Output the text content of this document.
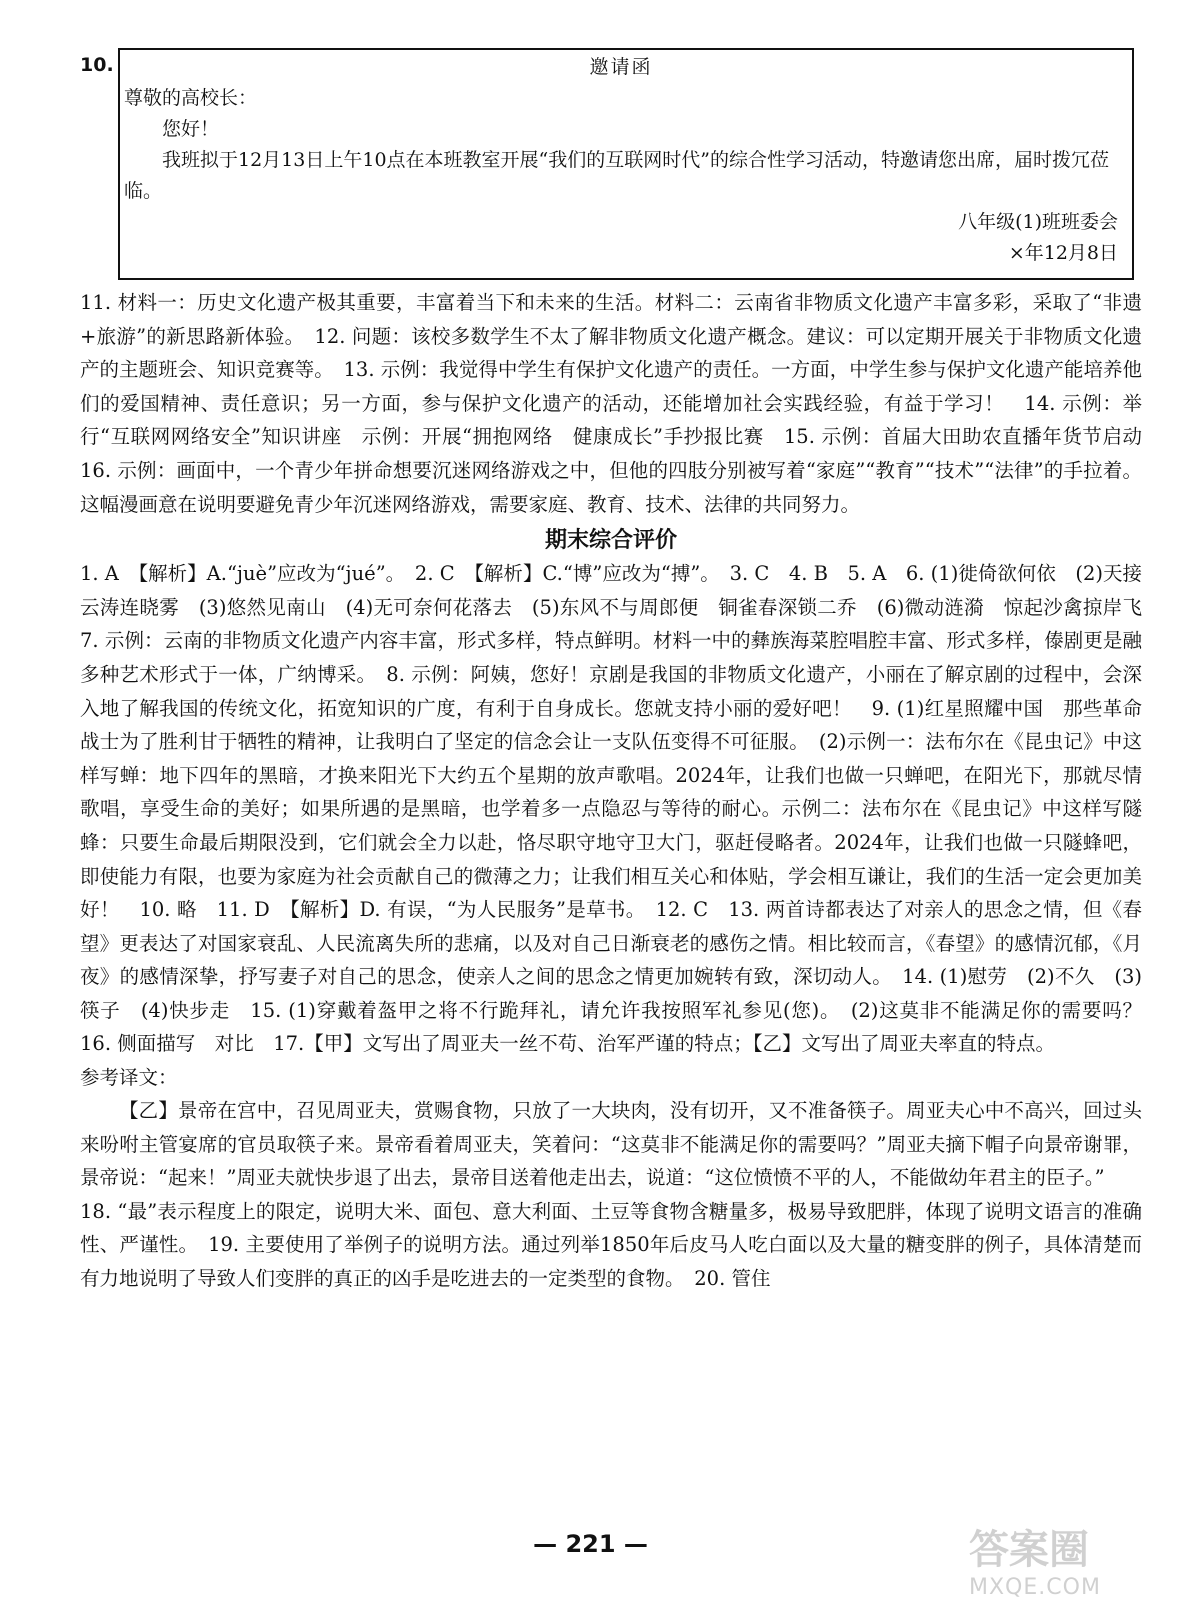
10.	邀请函
尊敬的高校长：
您好！
我班拟于12月13日上午10点在本班教室开展“我们的互联网时代”的综合性学习活动，特邀请您出席，届时拨冗莅临。
八年级(1)班班委会
×年12月8日

11. 材料一：历史文化遗产极其重要，丰富着当下和未来的生活。材料二：云南省非物质文化遗产丰富多彩，采取了“非遗+旅游”的新思路新体验。　12. 问题：该校多数学生不太了解非物质文化遗产概念。建议：可以定期开展关于非物质文化遗产的主题班会、知识竞赛等。　13. 示例：我觉得中学生有保护文化遗产的责任。一方面，中学生参与保护文化遗产能培养他们的爱国精神、责任意识；另一方面，参与保护文化遗产的活动，还能增加社会实践经验，有益于学习！　14. 示例：举行“互联网网络安全”知识讲座　示例：开展“拥抱网络　健康成长”手抄报比赛　15. 示例：首届大田助农直播年货节启动　16. 示例：画面中，一个青少年拼命想要沉迷网络游戏之中，但他的四肢分别被写着“家庭”“教育”“技术”“法律”的手拉着。这幅漫画意在说明要避免青少年沉迷网络游戏，需要家庭、教育、技术、法律的共同努力。

期末综合评价

1. A　【解析】A.“juè”应改为“jué”。　2. C　【解析】C.“博”应改为“搏”。　3. C　4. B　5. A　6. (1)徙倚欲何依　(2)天接云涛连晓雾　(3)悠然见南山　(4)无可奈何花落去　(5)东风不与周郎便　铜雀春深锁二乔　(6)微动涟漪　惊起沙禽掠岸飞　7. 示例：云南的非物质文化遗产内容丰富，形式多样，特点鲜明。材料一中的彝族海菜腔唱腔丰富、形式多样，傣剧更是融多种艺术形式于一体，广纳博采。　8. 示例：阿姨，您好！京剧是我国的非物质文化遗产，小丽在了解京剧的过程中，会深入地了解我国的传统文化，拓宽知识的广度，有利于自身成长。您就支持小丽的爱好吧！　9. (1)红星照耀中国　那些革命战士为了胜利甘于牺牲的精神，让我明白了坚定的信念会让一支队伍变得不可征服。　(2)示例一：法布尔在《昆虫记》中这样写蝉：地下四年的黑暗，才换来阳光下大约五个星期的放声歌唱。2024年，让我们也做一只蝉吧，在阳光下，那就尽情歌唱，享受生命的美好；如果所遇的是黑暗，也学着多一点隐忍与等待的耐心。示例二：法布尔在《昆虫记》中这样写隧蜂：只要生命最后期限没到，它们就会全力以赴，恪尽职守地守卫大门，驱赶侵略者。2024年，让我们也做一只隧蜂吧，即使能力有限，也要为家庭为社会贡献自己的微薄之力；让我们相互关心和体贴，学会相互谦让，我们的生活一定会更加美好！　10. 略　11. D　【解析】D. 有误，“为人民服务”是草书。　12. C　13. 两首诗都表达了对亲人的思念之情，但《春望》更表达了对国家衰乱、人民流离失所的悲痛，以及对自己日渐衰老的感伤之情。相比较而言，《春望》的感情沉郁，《月夜》的感情深挚，抒写妻子对自己的思念，使亲人之间的思念之情更加婉转有致，深切动人。　14. (1)慰劳　(2)不久　(3)筷子　(4)快步走　15. (1)穿戴着盔甲之将不行跪拜礼，请允许我按照军礼参见(您)。　(2)这莫非不能满足你的需要吗？　16. 侧面描写　对比　17.【甲】文写出了周亚夫一丝不苟、治军严谨的特点；【乙】文写出了周亚夫率直的特点。

参考译文：

【乙】景帝在宫中，召见周亚夫，赏赐食物，只放了一大块肉，没有切开，又不准备筷子。周亚夫心中不高兴，回过头来吩咐主管宴席的官员取筷子来。景帝看着周亚夫，笑着问：“这莫非不能满足你的需要吗？”周亚夫摘下帽子向景帝谢罪，景帝说：“起来！”周亚夫就快步退了出去，景帝目送着他走出去，说道：“这位愤愤不平的人，不能做幼年君主的臣子。”

18. “最”表示程度上的限定，说明大米、面包、意大利面、土豆等食物含糖量多，极易导致肥胖，体现了说明文语言的准确性、严谨性。　19. 主要使用了举例子的说明方法。通过列举1850年后皮马人吃白面以及大量的糖变胖的例子，具体清楚而有力地说明了导致人们变胖的真正的凶手是吃进去的一定类型的食物。　20. 管住

— 221 —	答案圈
MXQE.COM
